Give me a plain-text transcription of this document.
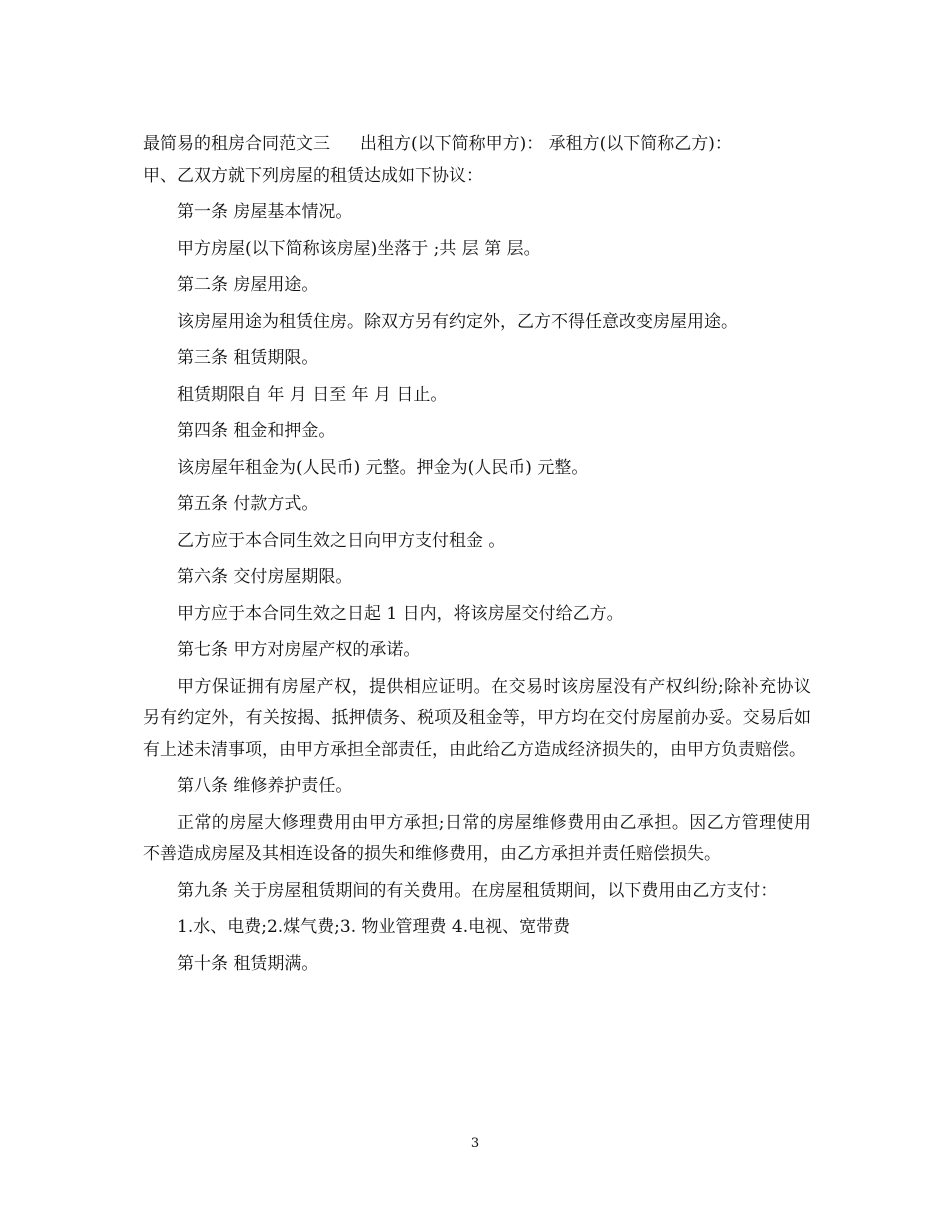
最简易的租房合同范文三 出租方(以下简称甲方)： 承租方(以下简称乙方)：

甲、乙双方就下列房屋的租赁达成如下协议：

第一条 房屋基本情况。

甲方房屋(以下简称该房屋)坐落于 ;共 层 第 层。

第二条 房屋用途。

该房屋用途为租赁住房。除双方另有约定外，乙方不得任意改变房屋用途。

第三条 租赁期限。

租赁期限自 年 月 日至 年 月 日止。

第四条 租金和押金。

该房屋年租金为(人民币) 元整。押金为(人民币) 元整。

第五条 付款方式。

乙方应于本合同生效之日向甲方支付租金 。

第六条 交付房屋期限。

甲方应于本合同生效之日起 1 日内，将该房屋交付给乙方。

第七条 甲方对房屋产权的承诺。

甲方保证拥有房屋产权，提供相应证明。在交易时该房屋没有产权纠纷;除补充协议另有约定外，有关按揭、抵押债务、税项及租金等，甲方均在交付房屋前办妥。交易后如有上述未清事项，由甲方承担全部责任，由此给乙方造成经济损失的，由甲方负责赔偿。

第八条 维修养护责任。

正常的房屋大修理费用由甲方承担;日常的房屋维修费用由乙承担。因乙方管理使用不善造成房屋及其相连设备的损失和维修费用，由乙方承担并责任赔偿损失。

第九条 关于房屋租赁期间的有关费用。在房屋租赁期间，以下费用由乙方支付：

1.水、电费;2.煤气费;3. 物业管理费 4.电视、宽带费

第十条 租赁期满。

3
